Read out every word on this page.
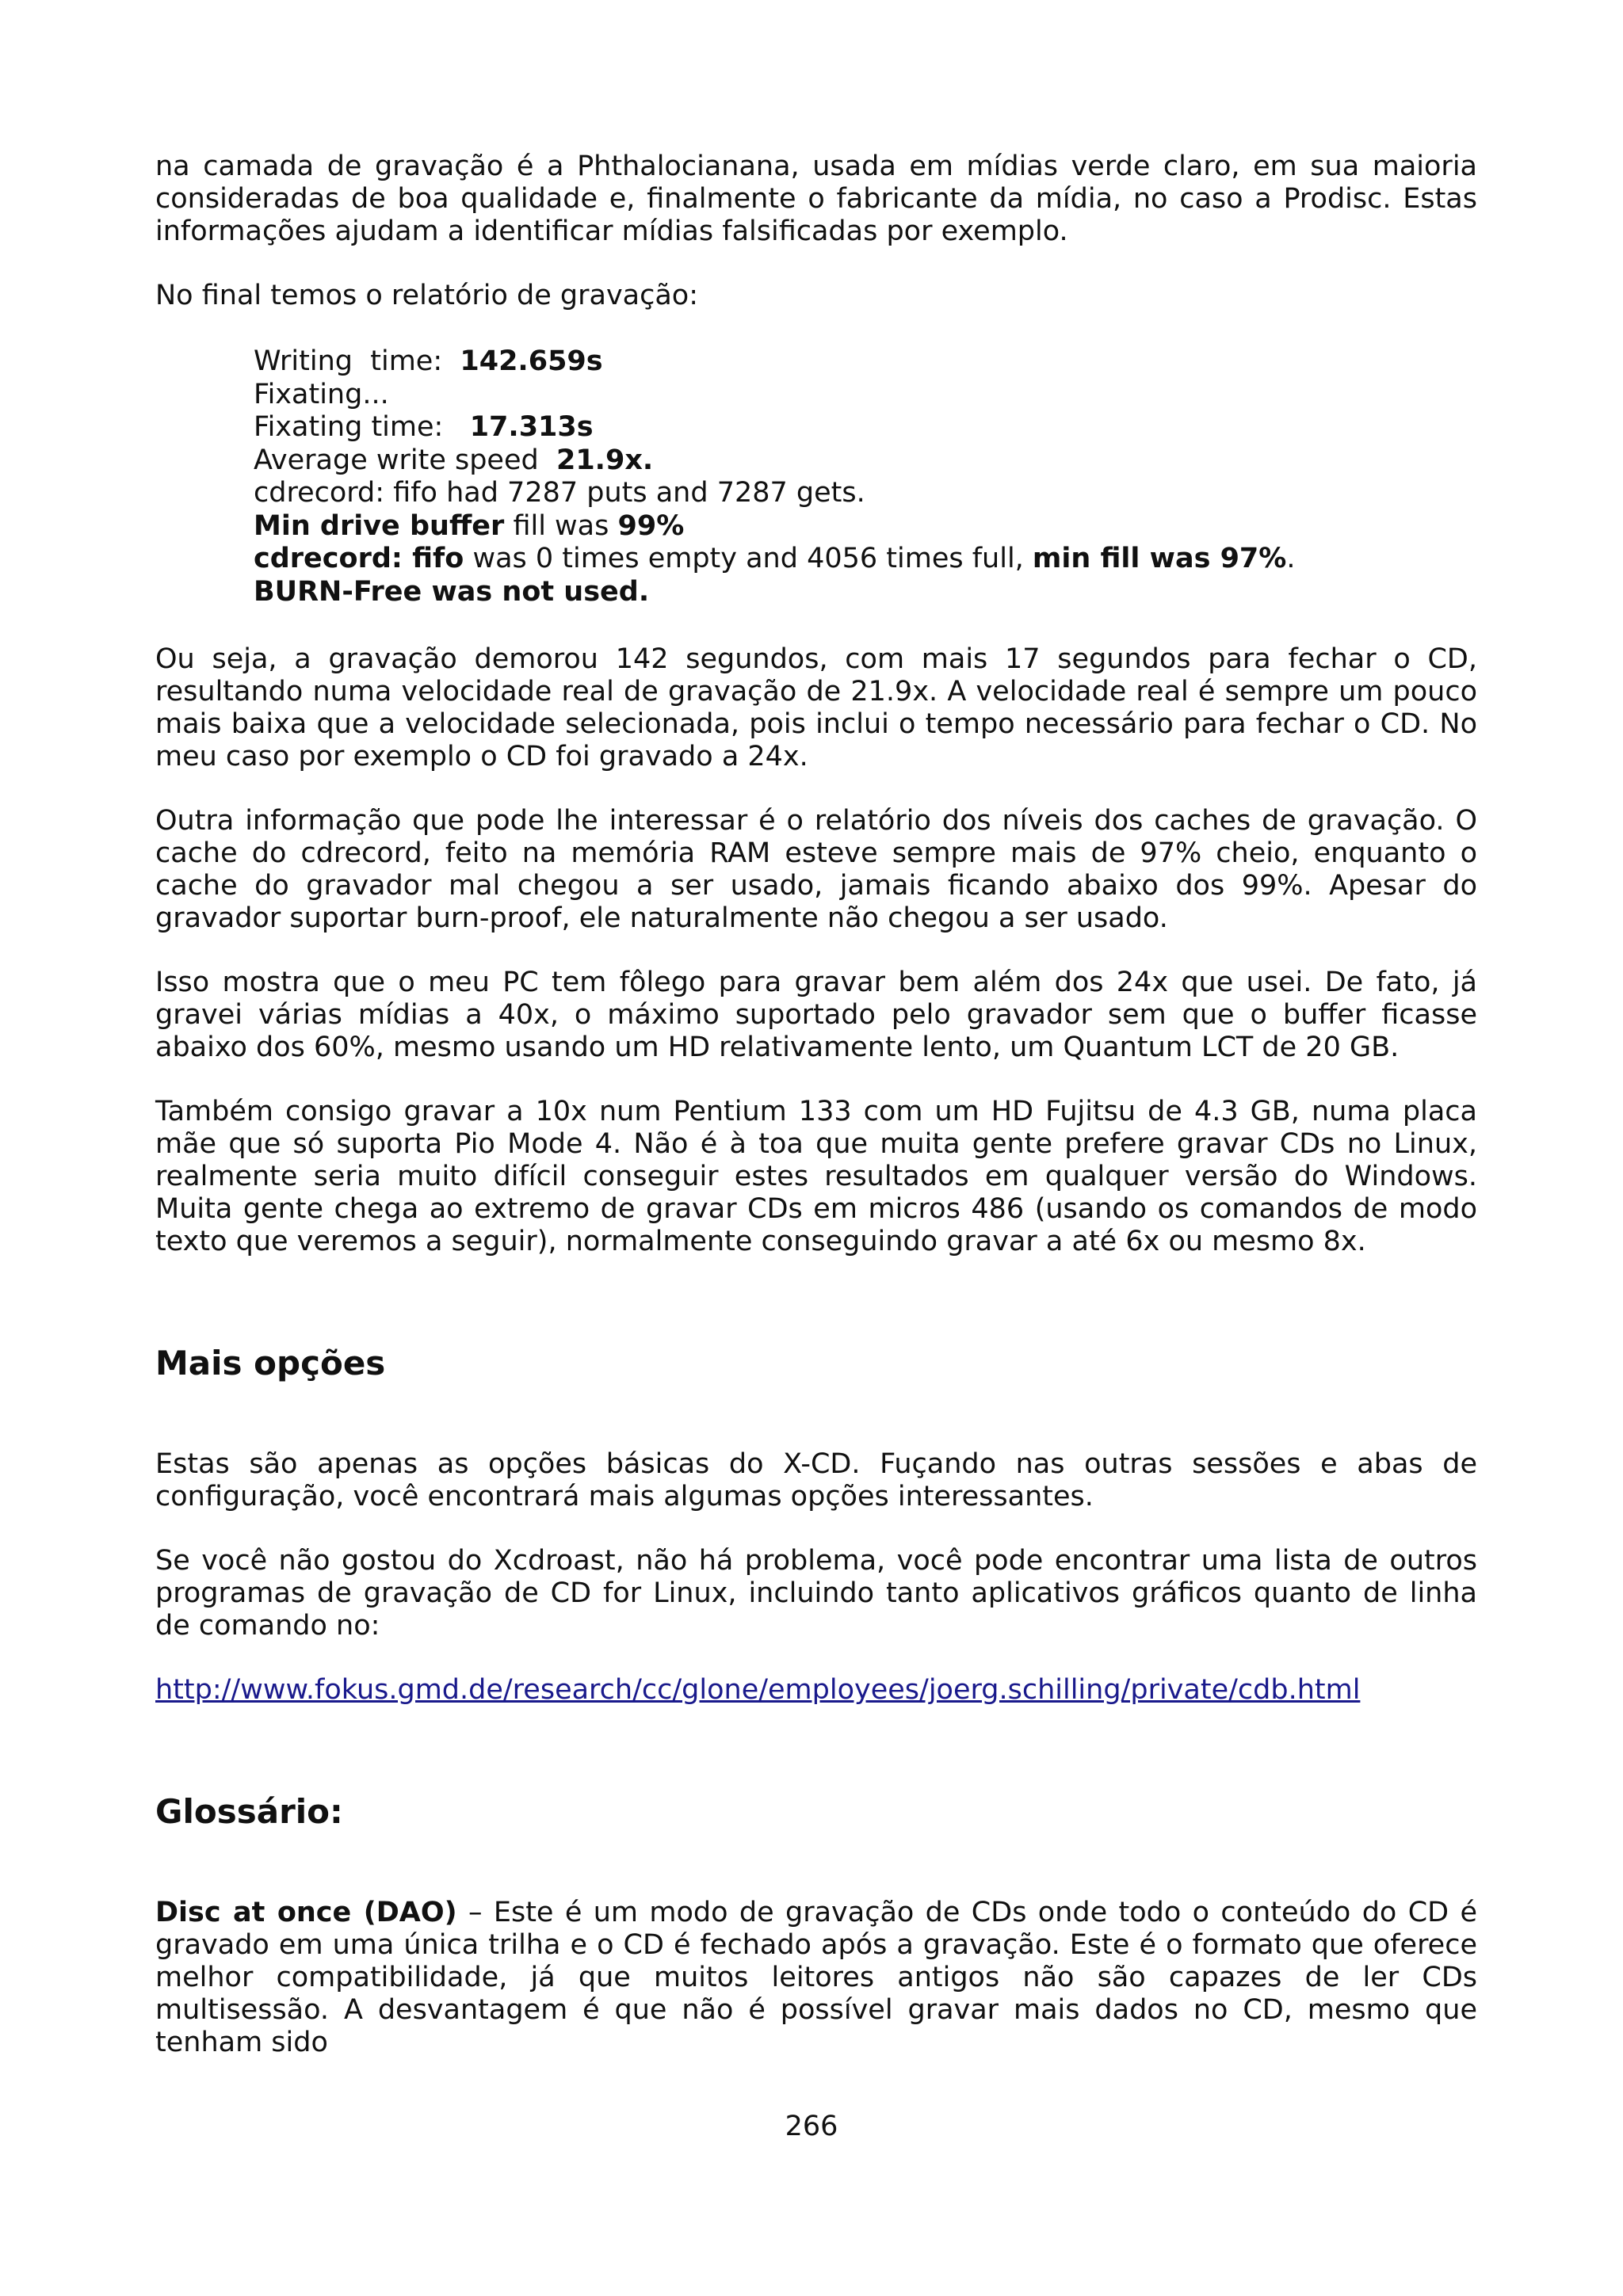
na camada de gravação é a Phthalocianana, usada em mídias verde claro, em sua maioria consideradas de boa qualidade e, finalmente o fabricante da mídia, no caso a Prodisc. Estas informações ajudam a identificar mídias falsificadas por exemplo.

No final temos o relatório de gravação:

Writing  time:  142.659s
Fixating...
Fixating time:   17.313s
Average write speed  21.9x.
cdrecord: fifo had 7287 puts and 7287 gets.
Min drive buffer fill was 99%
cdrecord: fifo was 0 times empty and 4056 times full, min fill was 97%.
BURN-Free was not used.

Ou seja, a gravação demorou 142 segundos, com mais 17 segundos para fechar o CD, resultando numa velocidade real de gravação de 21.9x. A velocidade real é sempre um pouco mais baixa que a velocidade selecionada, pois inclui o tempo necessário para fechar o CD. No meu caso por exemplo o CD foi gravado a 24x.

Outra informação que pode lhe interessar é o relatório dos níveis dos caches de gravação. O cache do cdrecord, feito na memória RAM esteve sempre mais de 97% cheio, enquanto o cache do gravador mal chegou a ser usado, jamais ficando abaixo dos 99%. Apesar do gravador suportar burn-proof, ele naturalmente não chegou a ser usado.

Isso mostra que o meu PC tem fôlego para gravar bem além dos 24x que usei. De fato, já gravei várias mídias a 40x, o máximo suportado pelo gravador sem que o buffer ficasse abaixo dos 60%, mesmo usando um HD relativamente lento, um Quantum LCT de 20 GB.

Também consigo gravar a 10x num Pentium 133 com um HD Fujitsu de 4.3 GB, numa placa mãe que só suporta Pio Mode 4. Não é à toa que muita gente prefere gravar CDs no Linux, realmente seria muito difícil conseguir estes resultados em qualquer versão do Windows. Muita gente chega ao extremo de gravar CDs em micros 486 (usando os comandos de modo texto que veremos a seguir), normalmente conseguindo gravar a até 6x ou mesmo 8x.

Mais opções

Estas são apenas as opções básicas do X-CD. Fuçando nas outras sessões e abas de configuração, você encontrará mais algumas opções interessantes.

Se você não gostou do Xcdroast, não há problema, você pode encontrar uma lista de outros programas de gravação de CD for Linux, incluindo tanto aplicativos gráficos quanto de linha de comando no:

http://www.fokus.gmd.de/research/cc/glone/employees/joerg.schilling/private/cdb.html

Glossário:

Disc at once (DAO) – Este é um modo de gravação de CDs onde todo o conteúdo do CD é gravado em uma única trilha e o CD é fechado após a gravação. Este é o formato que oferece melhor compatibilidade, já que muitos leitores antigos não são capazes de ler CDs multisessão. A desvantagem é que não é possível gravar mais dados no CD, mesmo que tenham sido

266
